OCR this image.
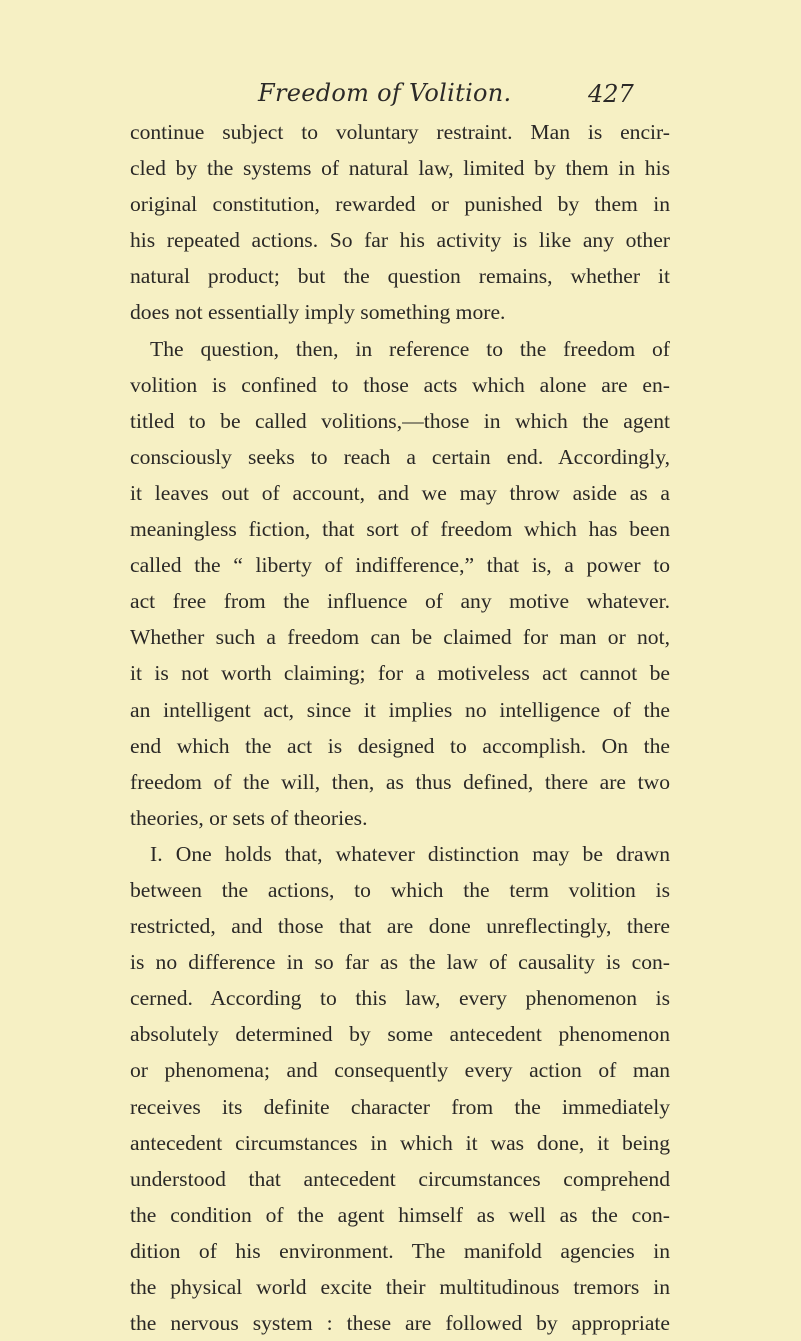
Freedom of Volition.	427
continue subject to voluntary restraint. Man is encir-
cled by the systems of natural law, limited by them in his
original constitution, rewarded or punished by them in
his repeated actions. So far his activity is like any other
natural product; but the question remains, whether it
does not essentially imply something more.
The question, then, in reference to the freedom of
volition is confined to those acts which alone are en-
titled to be called volitions,—those in which the agent
consciously seeks to reach a certain end. Accordingly,
it leaves out of account, and we may throw aside as a
meaningless fiction, that sort of freedom which has been
called the “ liberty of indifference,” that is, a power to
act free from the influence of any motive whatever.
Whether such a freedom can be claimed for man or not,
it is not worth claiming; for a motiveless act cannot be
an intelligent act, since it implies no intelligence of the
end which the act is designed to accomplish. On the
freedom of the will, then, as thus defined, there are two
theories, or sets of theories.
I. One holds that, whatever distinction may be drawn
between the actions, to which the term volition is
restricted, and those that are done unreflectingly, there
is no difference in so far as the law of causality is con-
cerned. According to this law, every phenomenon is
absolutely determined by some antecedent phenomenon
or phenomena; and consequently every action of man
receives its definite character from the immediately
antecedent circumstances in which it was done, it being
understood that antecedent circumstances comprehend
the condition of the agent himself as well as the con-
dition of his environment. The manifold agencies in
the physical world excite their multitudinous tremors in
the nervous system : these are followed by appropriate
